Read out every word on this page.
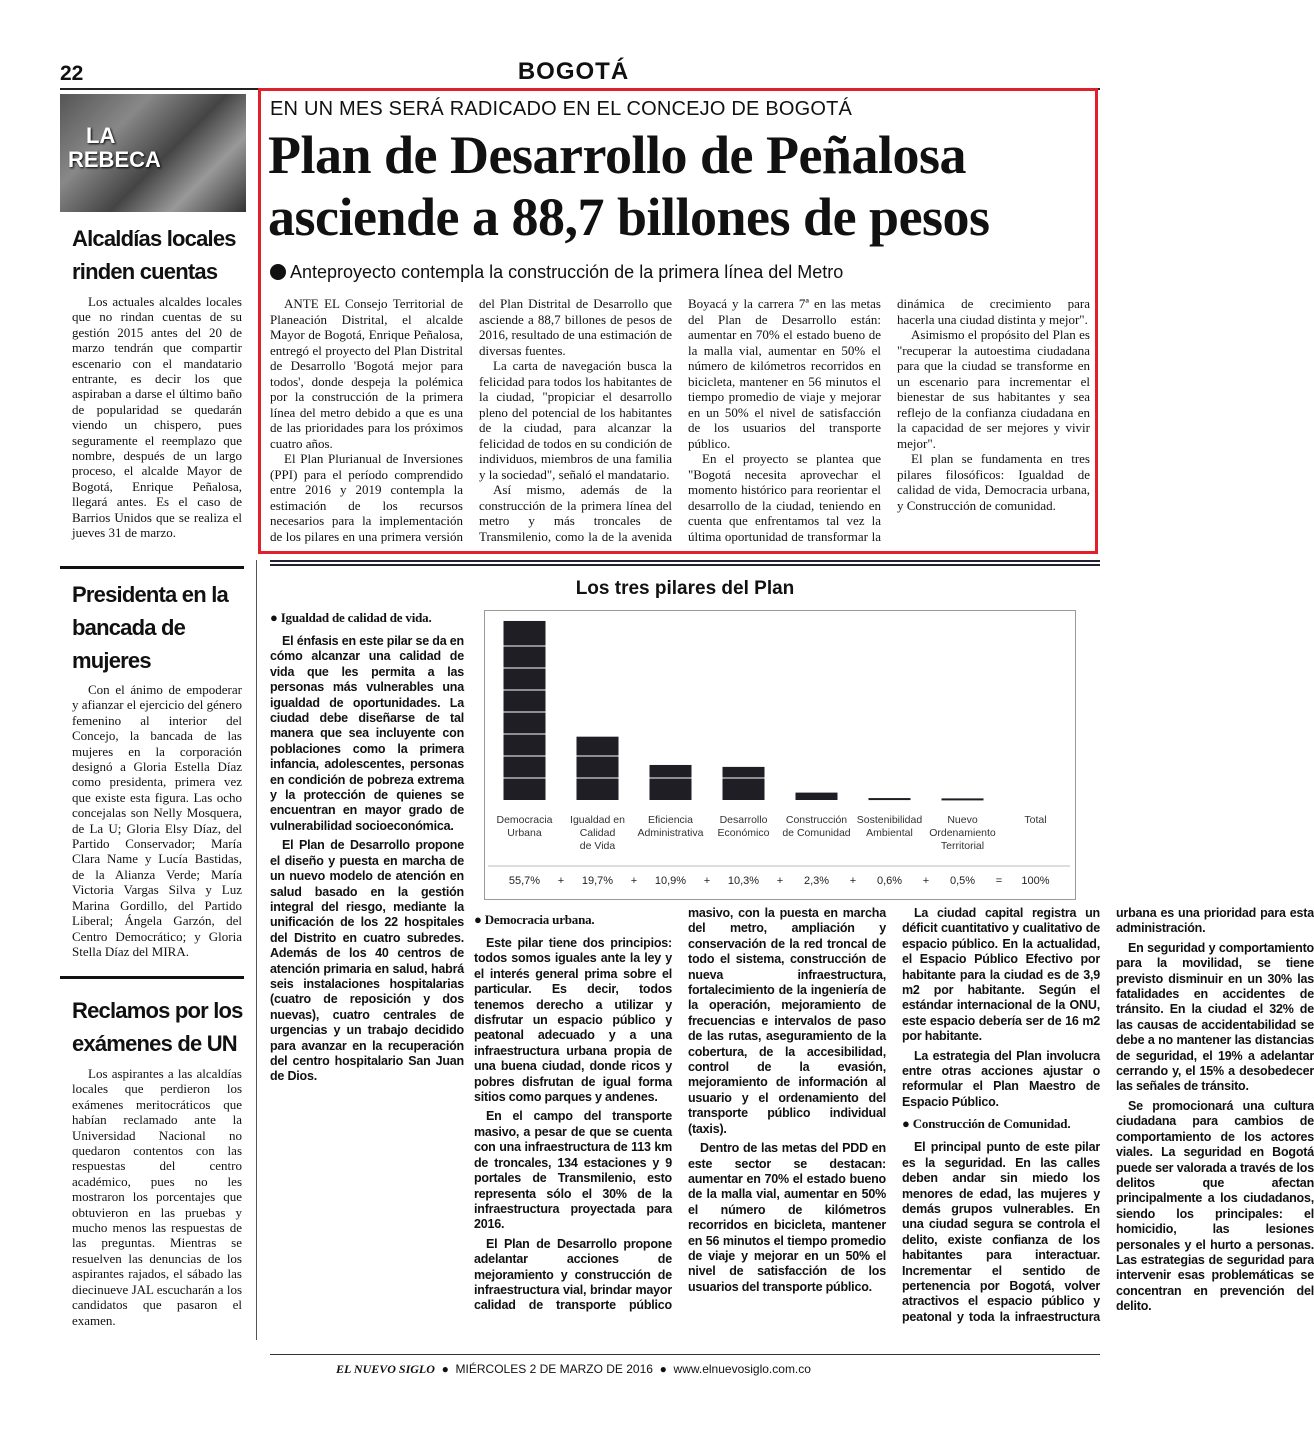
22	BOGOTÁ
LA
REBECA
Alcaldías locales rinden cuentas

Los actuales alcaldes locales que no rindan cuentas de su gestión 2015 antes del 20 de marzo tendrán que compartir escenario con el mandatario entrante, es decir los que aspiraban a darse el último baño de popularidad se quedarán viendo un chispero, pues seguramente el reemplazo que nombre, después de un largo proceso, el alcalde Mayor de Bogotá, Enrique Peñalosa, llegará antes. Es el caso de Barrios Unidos que se realiza el jueves 31 de marzo.

Presidenta en la bancada de mujeres

Con el ánimo de empoderar y afianzar el ejercicio del género femenino al interior del Concejo, la bancada de las mujeres en la corporación designó a Gloria Estella Díaz como presidenta, primera vez que existe esta figura. Las ocho concejalas son Nelly Mosquera, de La U; Gloria Elsy Díaz, del Partido Conservador; María Clara Name y Lucía Bastidas, de la Alianza Verde; María Victoria Vargas Silva y Luz Marina Gordillo, del Partido Liberal; Ángela Garzón, del Centro Democrático; y Gloria Stella Díaz del MIRA.

Reclamos por los exámenes de UN

Los aspirantes a las alcaldías locales que perdieron los exámenes meritocráticos que habían reclamado ante la Universidad Nacional no quedaron contentos con las respuestas del centro académico, pues no les mostraron los porcentajes que obtuvieron en las pruebas y mucho menos las respuestas de las preguntas. Mientras se resuelven las denuncias de los aspirantes rajados, el sábado las diecinueve JAL escucharán a los candidatos que pasaron el examen.

EN UN MES SERÁ RADICADO EN EL CONCEJO DE BOGOTÁ
Plan de Desarrollo de Peñalosa asciende a 88,7 billones de pesos
Anteproyecto contempla la construcción de la primera línea del Metro

ANTE EL Consejo Territorial de Planeación Distrital, el alcalde Mayor de Bogotá, Enrique Peñalosa, entregó el proyecto del Plan Distrital de Desarrollo 'Bogotá mejor para todos', donde despeja la polémica por la construcción de la primera línea del metro debido a que es una de las prioridades para los próximos cuatro años.

El Plan Plurianual de Inversiones (PPI) para el período comprendido entre 2016 y 2019 contempla la estimación de los recursos necesarios para la implementación de los pilares en una primera versión del Plan Distrital de Desarrollo que asciende a 88,7 billones de pesos de 2016, resultado de una estimación de diversas fuentes.

La carta de navegación busca la felicidad para todos los habitantes de la ciudad, "propiciar el desarrollo pleno del potencial de los habitantes de la ciudad, para alcanzar la felicidad de todos en su condición de individuos, miembros de una familia y la sociedad", señaló el mandatario.

Así mismo, además de la construcción de la primera línea del metro y más troncales de Transmilenio, como la de la avenida Boyacá y la carrera 7ª en las metas del Plan de Desarrollo están: aumentar en 70% el estado bueno de la malla vial, aumentar en 50% el número de kilómetros recorridos en bicicleta, mantener en 56 minutos el tiempo promedio de viaje y mejorar en un 50% el nivel de satisfacción de los usuarios del transporte público.

En el proyecto se plantea que "Bogotá necesita aprovechar el momento histórico para reorientar el desarrollo de la ciudad, teniendo en cuenta que enfrentamos tal vez la última oportunidad de transformar la dinámica de crecimiento para hacerla una ciudad distinta y mejor".

Asimismo el propósito del Plan es "recuperar la autoestima ciudadana para que la ciudad se transforme en un escenario para incrementar el bienestar de sus habitantes y sea reflejo de la confianza ciudadana en la capacidad de ser mejores y vivir mejor".

El plan se fundamenta en tres pilares filosóficos: Igualdad de calidad de vida, Democracia urbana, y Construcción de comunidad.

Los tres pilares del Plan
Democracia
Urbana
Igualdad en
Calidad
de Vida
Eficiencia
Administrativa
Desarrollo
Económico
Construcción
de Comunidad
Sostenibilidad
Ambiental
Nuevo
Ordenamiento
Territorial
Total
55,7%	19,7%	10,9%	10,3%	2,3%	0,6%	0,5%	100%
+	+	+	+	+	+	=

● Igualdad de calidad de vida.

El énfasis en este pilar se da en cómo alcanzar una calidad de vida que les permita a las personas más vulnerables una igualdad de oportunidades. La ciudad debe diseñarse de tal manera que sea incluyente con poblaciones como la primera infancia, adolescentes, personas en condición de pobreza extrema y la protección de quienes se encuentran en mayor grado de vulnerabilidad socioeconómica.

El Plan de Desarrollo propone el diseño y puesta en marcha de un nuevo modelo de atención en salud basado en la gestión integral del riesgo, mediante la unificación de los 22 hospitales del Distrito en cuatro subredes. Además de los 40 centros de atención primaria en salud, habrá seis instalaciones hospitalarias (cuatro de reposición y dos nuevas), cuatro centrales de urgencias y un trabajo decidido para avanzar en la recuperación del centro hospitalario San Juan de Dios.

● Democracia urbana.

Este pilar tiene dos principios: todos somos iguales ante la ley y el interés general prima sobre el particular. Es decir, todos tenemos derecho a utilizar y disfrutar un espacio público y peatonal adecuado y a una infraestructura urbana propia de una buena ciudad, donde ricos y pobres disfrutan de igual forma sitios como parques y andenes.

En el campo del transporte masivo, a pesar de que se cuenta con una infraestructura de 113 km de troncales, 134 estaciones y 9 portales de Transmilenio, esto representa sólo el 30% de la infraestructura proyectada para 2016.

El Plan de Desarrollo propone adelantar acciones de mejoramiento y construcción de infraestructura vial, brindar mayor calidad de transporte público masivo, con la puesta en marcha del metro, ampliación y conservación de la red troncal de todo el sistema, construcción de nueva infraestructura, fortalecimiento de la ingeniería de la operación, mejoramiento de frecuencias e intervalos de paso de las rutas, aseguramiento de la cobertura, de la accesibilidad, control de la evasión, mejoramiento de información al usuario y el ordenamiento del transporte público individual (taxis).

Dentro de las metas del PDD en este sector se destacan: aumentar en 70% el estado bueno de la malla vial, aumentar en 50% el número de kilómetros recorridos en bicicleta, mantener en 56 minutos el tiempo promedio de viaje y mejorar en un 50% el nivel de satisfacción de los usuarios del transporte público.

La ciudad capital registra un déficit cuantitativo y cualitativo de espacio público. En la actualidad, el Espacio Público Efectivo por habitante para la ciudad es de 3,9 m2 por habitante. Según el estándar internacional de la ONU, este espacio debería ser de 16 m2 por habitante.

La estrategia del Plan involucra entre otras acciones ajustar o reformular el Plan Maestro de Espacio Público.

● Construcción de Comunidad.

El principal punto de este pilar es la seguridad. En las calles deben andar sin miedo los menores de edad, las mujeres y demás grupos vulnerables. En una ciudad segura se controla el delito, existe confianza de los habitantes para interactuar. Incrementar el sentido de pertenencia por Bogotá, volver atractivos el espacio público y peatonal y toda la infraestructura urbana es una prioridad para esta administración.

En seguridad y comportamiento para la movilidad, se tiene previsto disminuir en un 30% las fatalidades en accidentes de tránsito. En la ciudad el 32% de las causas de accidentabilidad se debe a no mantener las distancias de seguridad, el 19% a adelantar cerrando y, el 15% a desobedecer las señales de tránsito.

Se promocionará una cultura ciudadana para cambios de comportamiento de los actores viales. La seguridad en Bogotá puede ser valorada a través de los delitos que afectan principalmente a los ciudadanos, siendo los principales: el homicidio, las lesiones personales y el hurto a personas. Las estrategias de seguridad para intervenir esas problemáticas se concentran en prevención del delito.

EL NUEVO SIGLO  ●  MIÉRCOLES 2 DE MARZO DE 2016  ●  www.elnuevosiglo.com.co
